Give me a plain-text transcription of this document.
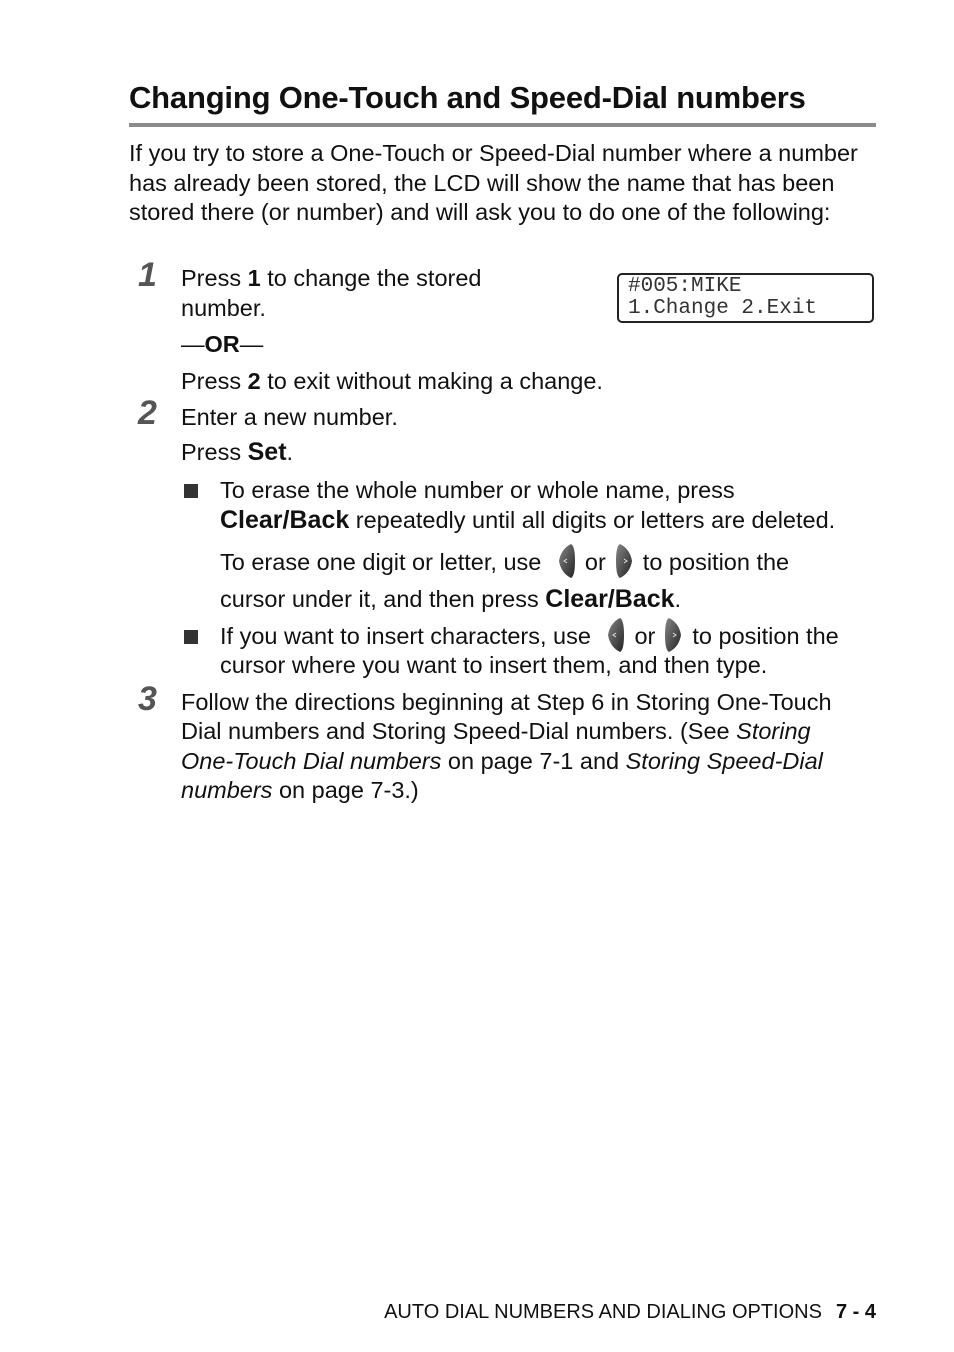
Changing One-Touch and Speed-Dial numbers
If you try to store a One-Touch or Speed-Dial number where a number has already been stored, the LCD will show the name that has been stored there (or number) and will ask you to do one of the following:
1 Press 1 to change the stored
number.
—OR—
Press 2 to exit without making a change.
#005:MIKE
1.Change 2.Exit
2 Enter a new number.
Press Set.
To erase the whole number or whole name, press
Clear/Back repeatedly until all digits or letters are deleted.
To erase one digit or letter, use or to position the
cursor under it, and then press Clear/Back.
If you want to insert characters, use or to position the
cursor where you want to insert them, and then type.
3 Follow the directions beginning at Step 6 in Storing One-Touch
Dial numbers and Storing Speed-Dial numbers. (See Storing
One-Touch Dial numbers on page 7-1 and Storing Speed-Dial
numbers on page 7-3.)
AUTO DIAL NUMBERS AND DIALING OPTIONS 7 - 4
